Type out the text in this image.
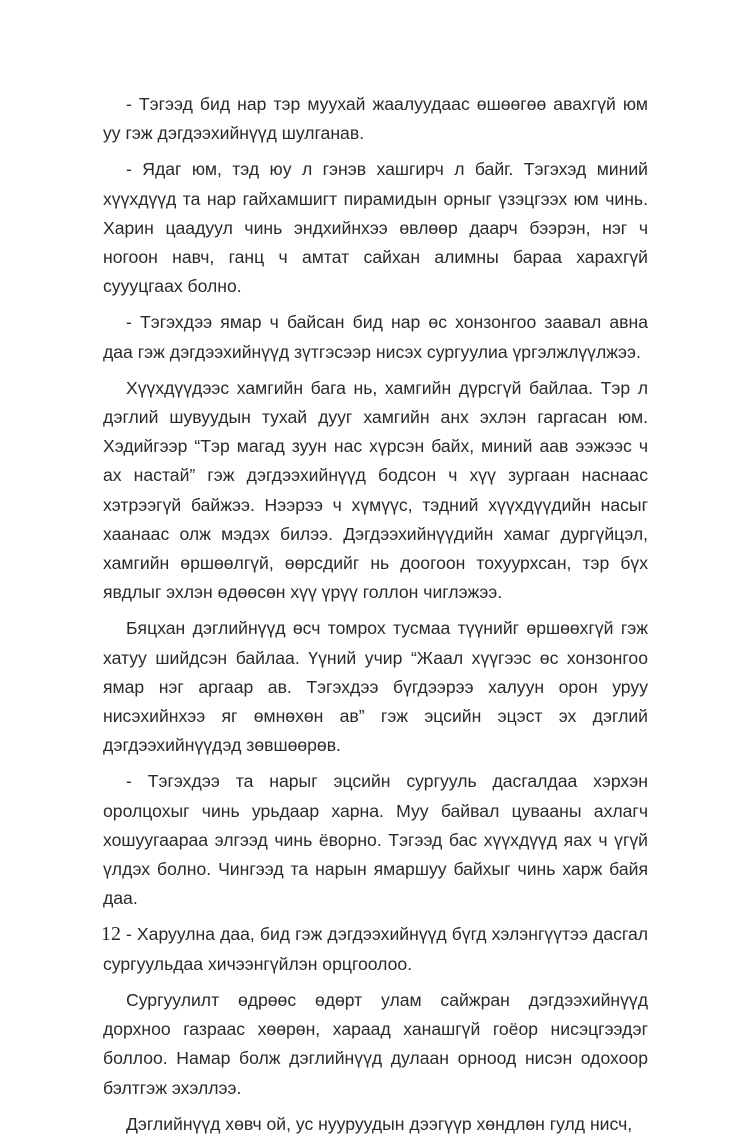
- Тэгээд бид нар тэр муухай жаалуудаас өшөөгөө авахгүй юм уу гэж дэгдээхийнүүд шулганав.

- Ядаг юм, тэд юу л гэнэв хашгирч л байг. Тэгэхэд миний хүүхдүүд та нар гайхамшигт пирамидын орныг үзэцгээх юм чинь. Харин цаадуул чинь эндхийнхээ өвлөөр даарч бээрэн, нэг ч ногоон навч, ганц ч амтат сайхан алимны бараа харахгүй суууцгаах болно.

- Тэгэхдээ ямар ч байсан бид нар өс хонзонгоо заавал авна даа гэж дэгдээхийнүүд зүтгэсээр нисэх сургуулиа үргэлжлүүлжээ.

Хүүхдүүдээс хамгийн бага нь, хамгийн дүрсгүй байлаа. Тэр л дэглий шувуудын тухай дууг хамгийн анх эхлэн гаргасан юм. Хэдийгээр “Тэр магад зуун нас хүрсэн байх, миний аав ээжээс ч ах настай” гэж дэгдээхийнүүд бодсон ч хүү зургаан наснаас хэтрээгүй байжээ. Нээрээ ч хүмүүс, тэдний хүүхдүүдийн насыг хаанаас олж мэдэх билээ. Дэгдээхийнүүдийн хамаг дургүйцэл, хамгийн өршөөлгүй, өөрсдийг нь доогоон тохуурхсан, тэр бүх явдлыг эхлэн өдөөсөн хүү үрүү голлон чиглэжээ.

Бяцхан дэглийнүүд өсч томрох тусмаа түүнийг өршөөхгүй гэж хатуу шийдсэн байлаа. Үүний учир “Жаал хүүгээс өс хонзонгоо ямар нэг аргаар ав. Тэгэхдээ бүгдээрээ халуун орон уруу нисэхийнхээ яг өмнөхөн ав” гэж эцсийн эцэст эх дэглий дэгдээхийнүүдэд зөвшөөрөв.

- Тэгэхдээ та нарыг эцсийн сургууль дасгалдаа хэрхэн оролцохыг чинь урьдаар харна. Муу байвал цувааны ахлагч хошуугаараа элгээд чинь ёворно. Тэгээд бас хүүхдүүд яах ч үгүй үлдэх болно. Чингээд та нарын ямаршуу байхыг чинь харж байя даа.

- Харуулна даа, бид гэж дэгдээхийнүүд бүгд хэлэнгүүтээ дасгал сургуульдаа хичээнгүйлэн орцгоолоо.

Сургуулилт өдрөөс өдөрт улам сайжран дэгдээхийнүүд дорхноо газраас хөөрөн, хараад ханашгүй гоёор нисэцгээдэг боллоо. Намар болж дэглийнүүд дулаан орноод нисэн одохоор бэлтгэж эхэллээ.

Дэглийнүүд хөвч ой, ус нууруудын дээгүүр хөндлөн гулд нисч,

12
